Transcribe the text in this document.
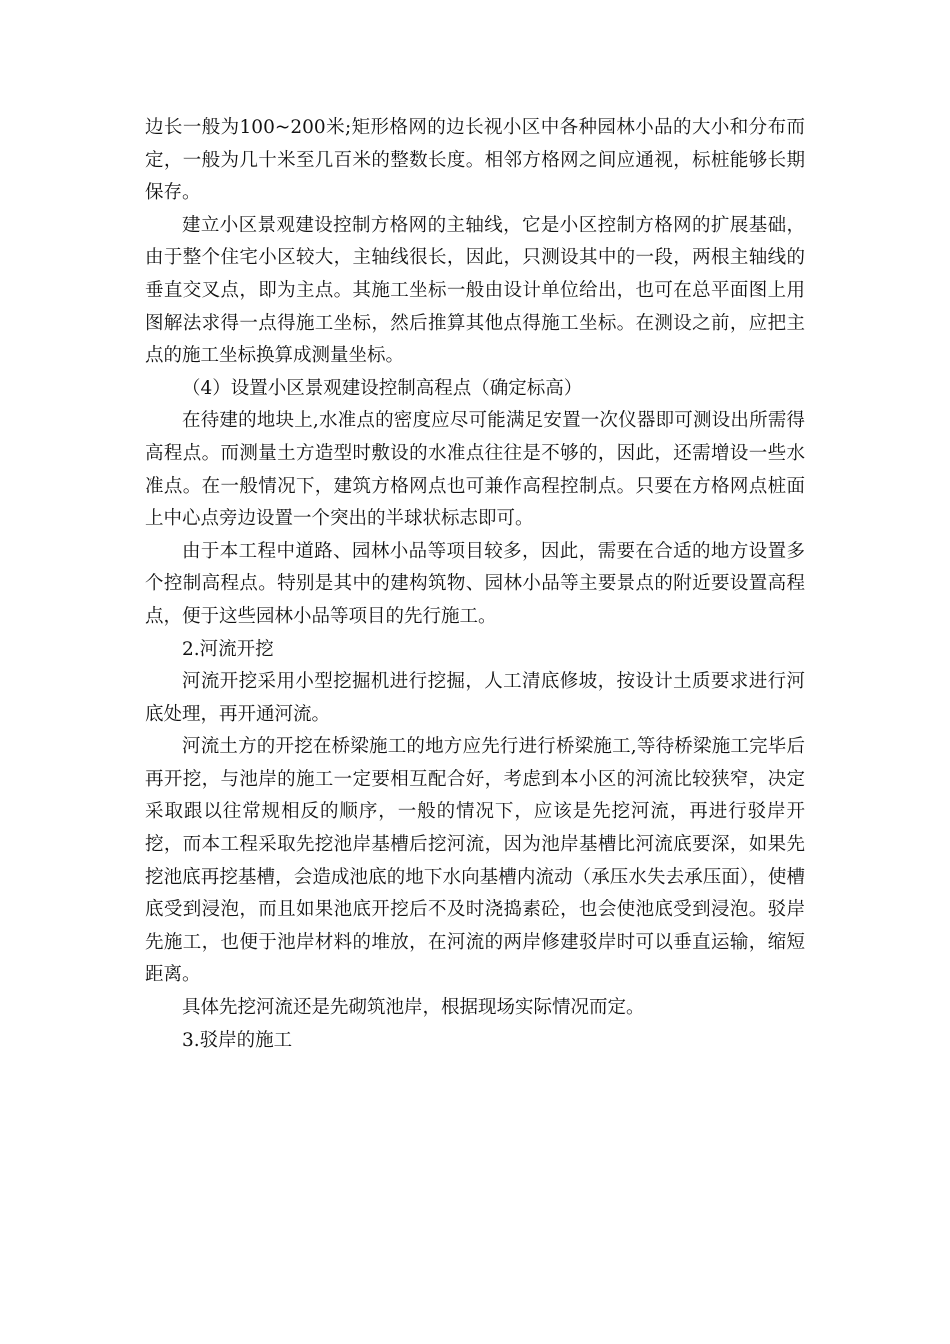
边长一般为100~200米;矩形格网的边长视小区中各种园林小品的大小和分布而定，一般为几十米至几百米的整数长度。相邻方格网之间应通视，标桩能够长期保存。

建立小区景观建设控制方格网的主轴线，它是小区控制方格网的扩展基础，由于整个住宅小区较大，主轴线很长，因此，只测设其中的一段，两根主轴线的垂直交叉点，即为主点。其施工坐标一般由设计单位给出，也可在总平面图上用图解法求得一点得施工坐标，然后推算其他点得施工坐标。在测设之前，应把主点的施工坐标换算成测量坐标。

（4）设置小区景观建设控制高程点（确定标高）

在待建的地块上,水准点的密度应尽可能满足安置一次仪器即可测设出所需得高程点。而测量土方造型时敷设的水准点往往是不够的，因此，还需增设一些水准点。在一般情况下，建筑方格网点也可兼作高程控制点。只要在方格网点桩面上中心点旁边设置一个突出的半球状标志即可。

由于本工程中道路、园林小品等项目较多，因此，需要在合适的地方设置多个控制高程点。特别是其中的建构筑物、园林小品等主要景点的附近要设置高程点，便于这些园林小品等项目的先行施工。

2.河流开挖

河流开挖采用小型挖掘机进行挖掘，人工清底修坡，按设计土质要求进行河底处理，再开通河流。

河流土方的开挖在桥梁施工的地方应先行进行桥梁施工,等待桥梁施工完毕后再开挖，与池岸的施工一定要相互配合好，考虑到本小区的河流比较狭窄，决定采取跟以往常规相反的顺序，一般的情况下，应该是先挖河流，再进行驳岸开挖，而本工程采取先挖池岸基槽后挖河流，因为池岸基槽比河流底要深，如果先挖池底再挖基槽，会造成池底的地下水向基槽内流动（承压水失去承压面），使槽底受到浸泡，而且如果池底开挖后不及时浇捣素砼，也会使池底受到浸泡。驳岸先施工，也便于池岸材料的堆放，在河流的两岸修建驳岸时可以垂直运输，缩短距离。

具体先挖河流还是先砌筑池岸，根据现场实际情况而定。

3.驳岸的施工
